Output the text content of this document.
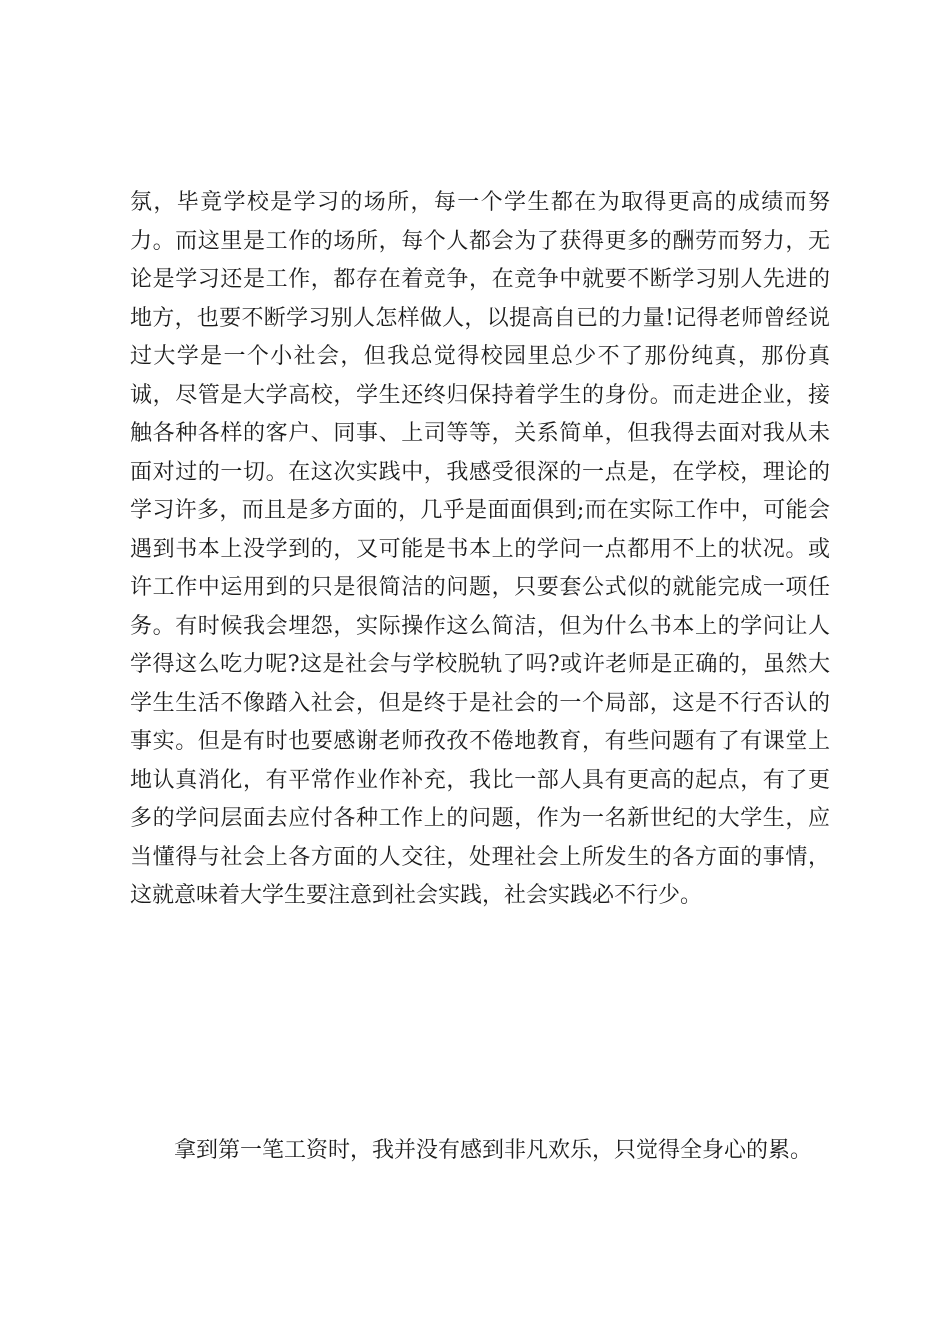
氛，毕竟学校是学习的场所，每一个学生都在为取得更高的成绩而努
力。而这里是工作的场所，每个人都会为了获得更多的酬劳而努力，无
论是学习还是工作，都存在着竞争，在竞争中就要不断学习别人先进的
地方，也要不断学习别人怎样做人，以提高自已的力量!记得老师曾经说
过大学是一个小社会，但我总觉得校园里总少不了那份纯真，那份真
诚，尽管是大学高校，学生还终归保持着学生的身份。而走进企业，接
触各种各样的客户、同事、上司等等，关系简单，但我得去面对我从未
面对过的一切。在这次实践中，我感受很深的一点是，在学校，理论的
学习许多，而且是多方面的，几乎是面面俱到;而在实际工作中，可能会
遇到书本上没学到的，又可能是书本上的学问一点都用不上的状况。或
许工作中运用到的只是很简洁的问题，只要套公式似的就能完成一项任
务。有时候我会埋怨，实际操作这么简洁，但为什么书本上的学问让人
学得这么吃力呢?这是社会与学校脱轨了吗?或许老师是正确的，虽然大
学生生活不像踏入社会，但是终于是社会的一个局部，这是不行否认的
事实。但是有时也要感谢老师孜孜不倦地教育，有些问题有了有课堂上
地认真消化，有平常作业作补充，我比一部人具有更高的起点，有了更
多的学问层面去应付各种工作上的问题，作为一名新世纪的大学生，应
当懂得与社会上各方面的人交往，处理社会上所发生的各方面的事情，
这就意味着大学生要注意到社会实践，社会实践必不行少。
拿到第一笔工资时，我并没有感到非凡欢乐，只觉得全身心的累。
